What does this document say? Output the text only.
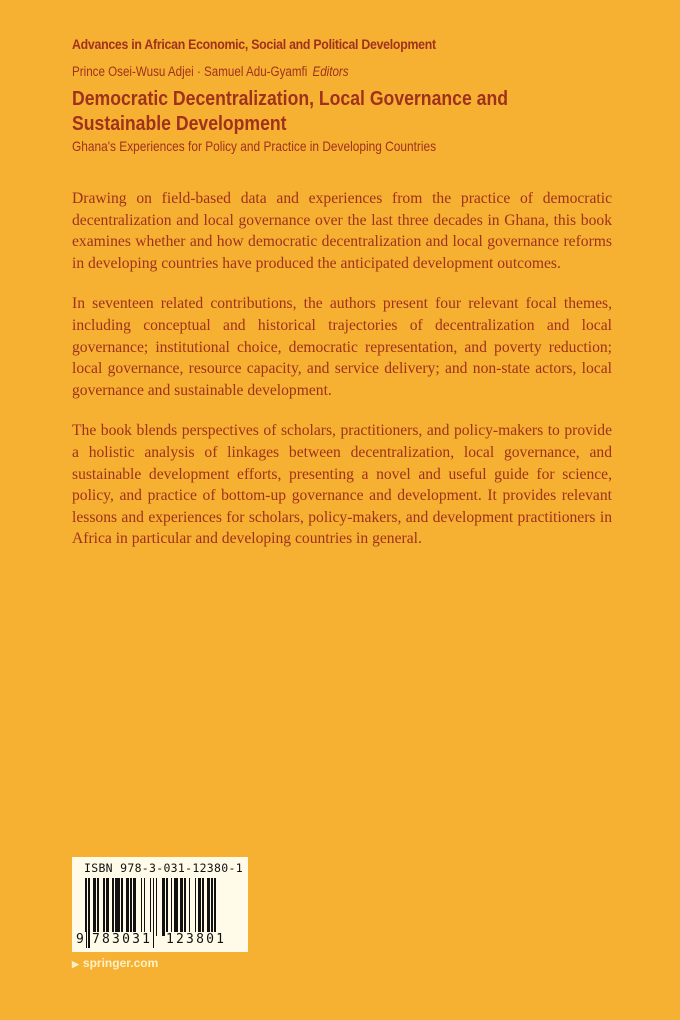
Advances in African Economic, Social and Political Development
Prince Osei-Wusu Adjei · Samuel Adu-Gyamfi Editors
Democratic Decentralization, Local Governance and Sustainable Development
Ghana's Experiences for Policy and Practice in Developing Countries

Drawing on field-based data and experiences from the practice of democratic decentralization and local governance over the last three decades in Ghana, this book examines whether and how democratic decentralization and local governance reforms in developing countries have produced the anticipated development outcomes.

In seventeen related contributions, the authors present four relevant focal themes, including conceptual and historical trajectories of decentralization and local governance; institutional choice, democratic representation, and poverty reduction; local governance, resource capacity, and service delivery; and non-state actors, local governance and sustainable development.

The book blends perspectives of scholars, practitioners, and policy-makers to provide a holistic analysis of linkages between decentralization, local governance, and sustainable development efforts, presenting a novel and useful guide for science, policy, and practice of bottom-up governance and development. It provides relevant lessons and experiences for scholars, policy-makers, and development practitioners in Africa in particular and developing countries in general.

ISBN 978-3-031-12380-1
9 783031 123801
▶ springer.com
